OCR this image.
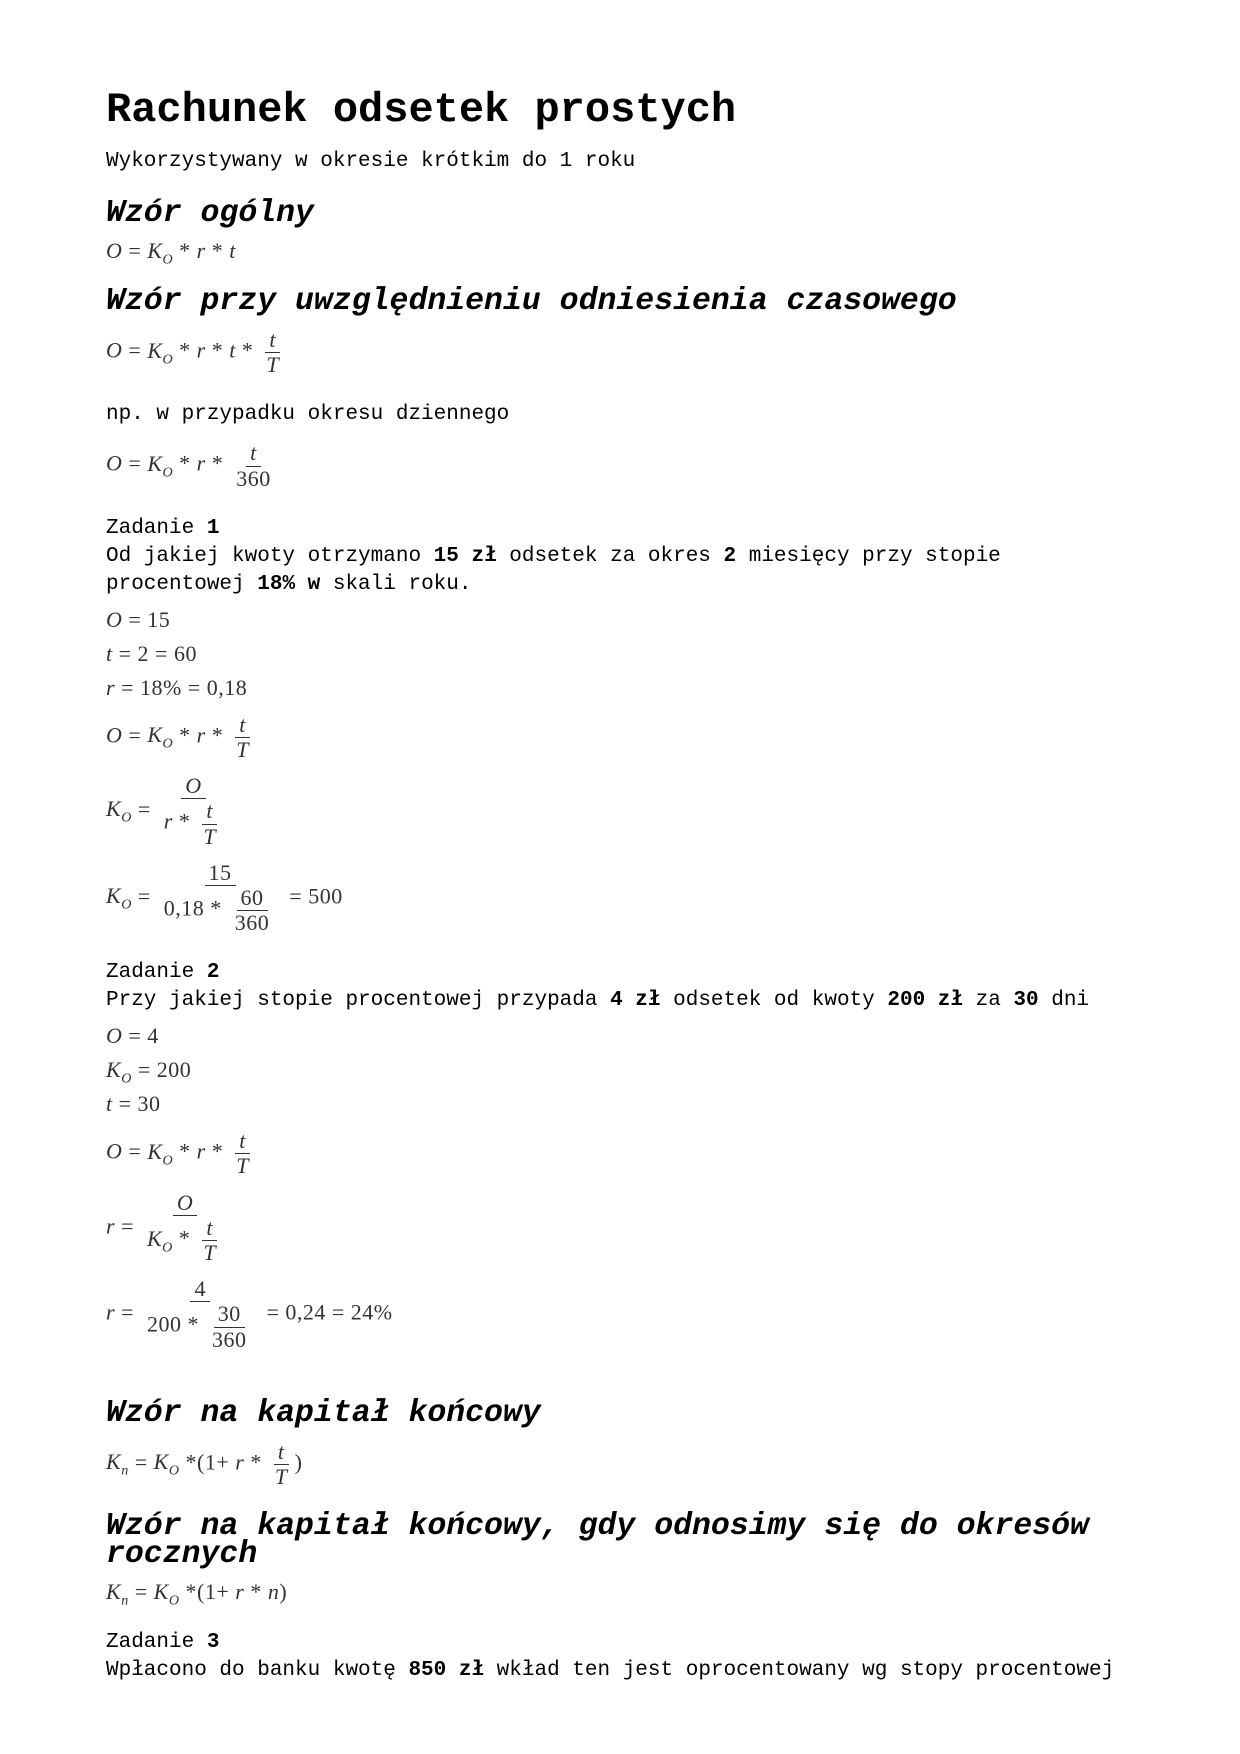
Rachunek odsetek prostych

Wykorzystywany w okresie krótkim do 1 roku

Wzór ogólny
$O = K_O * r * t$
Wzór przy uwzględnieniu odniesienia czasowego
$O = K_O * r * t * \frac{t}{T}$

np. w przypadku okresu dziennego

$O = K_O * r * \frac{t}{360}$
Zadanie 1
Od jakiej kwoty otrzymano 15 zł odsetek za okres 2 miesięcy przy stopie
procentowej 18% w skali roku.
O = 15
t = 2 = 60
r = 18% = 0,18
$O = K_O * r * \frac{t}{T}$
$K_O = \frac{O}{r * \frac{t}{T}}$
$K_O = \frac{15}{0,18 * \frac{60}{360}} = 500$
Zadanie 2
Przy jakiej stopie procentowej przypada 4 zł odsetek od kwoty 200 zł za 30 dni
O = 4
$K_O = 200$
t = 30
$O = K_O * r * \frac{t}{T}$
$r = \frac{O}{K_O * \frac{t}{T}}$
$r = \frac{4}{200 * \frac{30}{360}} = 0,24 = 24\%$
Wzór na kapitał końcowy
$K_n = K_O$ $*(1+ r * \frac{t}{T}$ )
Wzór na kapitał końcowy, gdy odnosimy się do okresów rocznych
$K_n = K_O$ *(1+ r * n)
Zadanie 3
Wpłacono do banku kwotę 850 zł wkład ten jest oprocentowany wg stopy procentowej
